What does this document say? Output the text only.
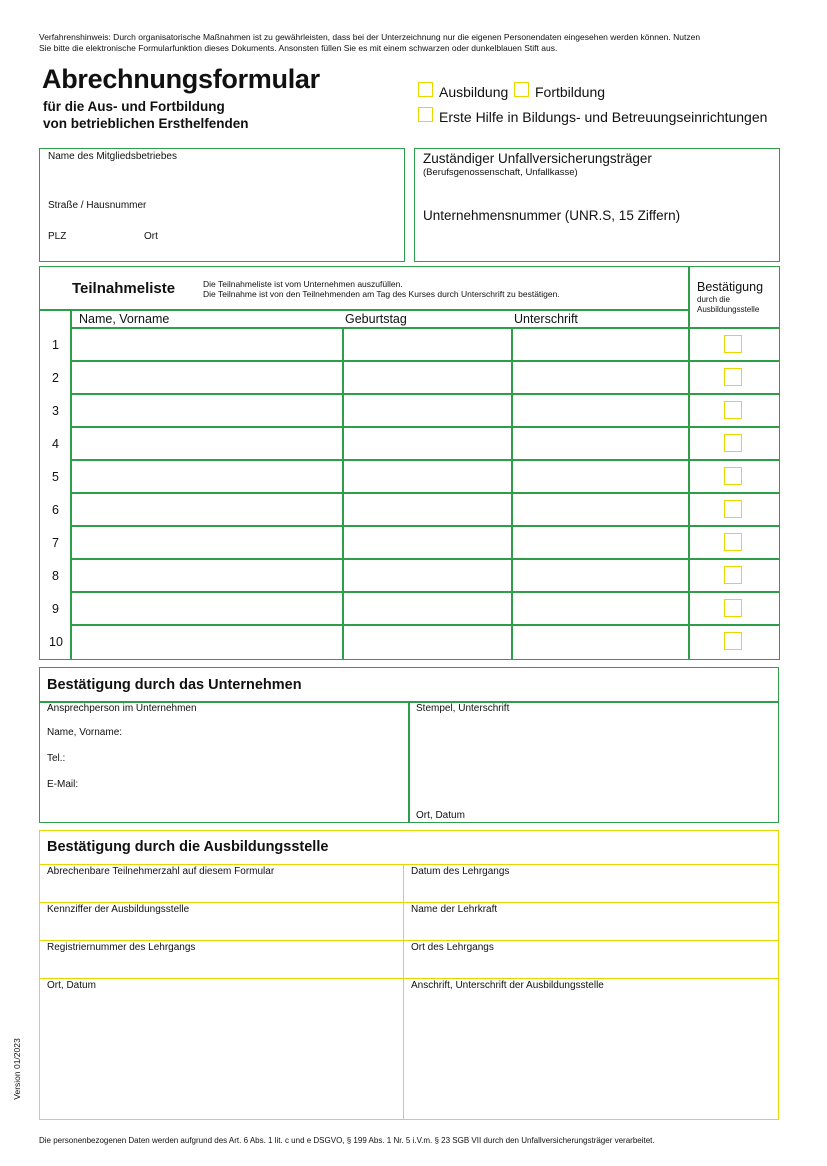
Verfahrenshinweis: Durch organisatorische Maßnahmen ist zu gewährleisten, dass bei der Unterzeichnung nur die eigenen Personendaten eingesehen werden können. Nutzen
Sie bitte die elektronische Formularfunktion dieses Dokuments. Ansonsten füllen Sie es mit einem schwarzen oder dunkelblauen Stift aus.
Abrechnungsformular
für die Aus- und Fortbildung
von betrieblichen Ersthelfenden
Ausbildung Fortbildung
Erste Hilfe in Bildungs- und Betreuungseinrichtungen
Name des Mitgliedsbetriebes
Straße / Hausnummer
PLZ	Ort
Zuständiger Unfallversicherungsträger
(Berufsgenossenschaft, Unfallkasse)
Unternehmensnummer (UNR.S, 15 Ziffern)
Teilnahmeliste	Die Teilnahmeliste ist vom Unternehmen auszufüllen.
Die Teilnahme ist von den Teilnehmenden am Tag des Kurses durch Unterschrift zu bestätigen.	Bestätigung
durch die
Ausbildungsstelle
Name, Vorname	Geburtstag	Unterschrift
1
2
3
4
5
6
7
8
9
10
Bestätigung durch das Unternehmen
Ansprechperson im Unternehmen
Name, Vorname:
Tel.:
E-Mail:
Stempel, Unterschrift
Ort, Datum
Bestätigung durch die Ausbildungsstelle
Abrechenbare Teilnehmerzahl auf diesem Formular
Kennziffer der Ausbildungsstelle
Registriernummer des Lehrgangs
Ort, Datum
Datum des Lehrgangs
Name der Lehrkraft
Ort des Lehrgangs
Anschrift, Unterschrift der Ausbildungsstelle
Version 01/2023
Die personenbezogenen Daten werden aufgrund des Art. 6 Abs. 1 lit. c und e DSGVO, § 199 Abs. 1 Nr. 5 i.V.m. § 23 SGB VII durch den Unfallversicherungsträger verarbeitet.
